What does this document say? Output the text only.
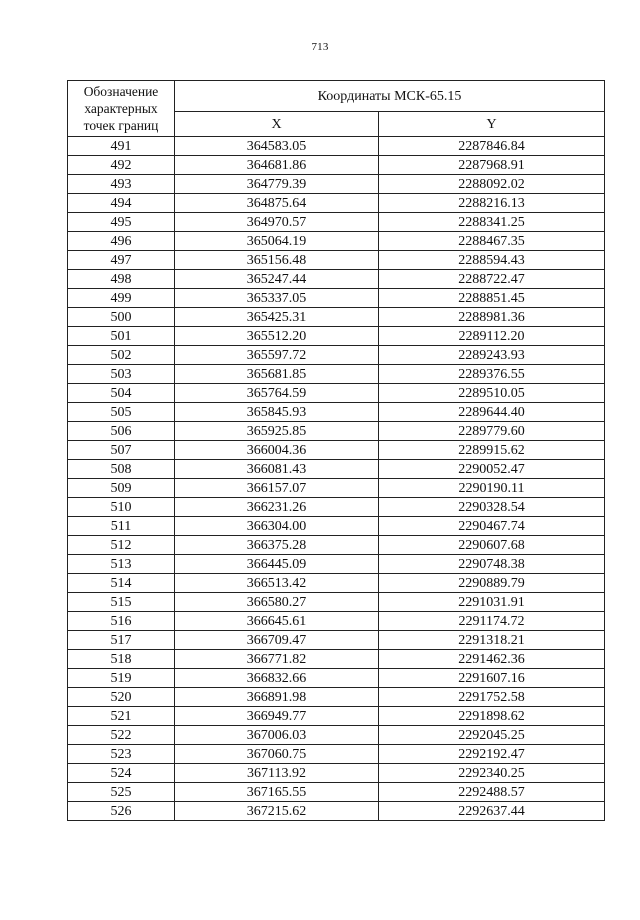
713
Обозначение характерных точек границ	Координаты МСК-65.15	
	X	Y
491	364583.05	2287846.84
492	364681.86	2287968.91
493	364779.39	2288092.02
494	364875.64	2288216.13
495	364970.57	2288341.25
496	365064.19	2288467.35
497	365156.48	2288594.43
498	365247.44	2288722.47
499	365337.05	2288851.45
500	365425.31	2288981.36
501	365512.20	2289112.20
502	365597.72	2289243.93
503	365681.85	2289376.55
504	365764.59	2289510.05
505	365845.93	2289644.40
506	365925.85	2289779.60
507	366004.36	2289915.62
508	366081.43	2290052.47
509	366157.07	2290190.11
510	366231.26	2290328.54
511	366304.00	2290467.74
512	366375.28	2290607.68
513	366445.09	2290748.38
514	366513.42	2290889.79
515	366580.27	2291031.91
516	366645.61	2291174.72
517	366709.47	2291318.21
518	366771.82	2291462.36
519	366832.66	2291607.16
520	366891.98	2291752.58
521	366949.77	2291898.62
522	367006.03	2292045.25
523	367060.75	2292192.47
524	367113.92	2292340.25
525	367165.55	2292488.57
526	367215.62	2292637.44
